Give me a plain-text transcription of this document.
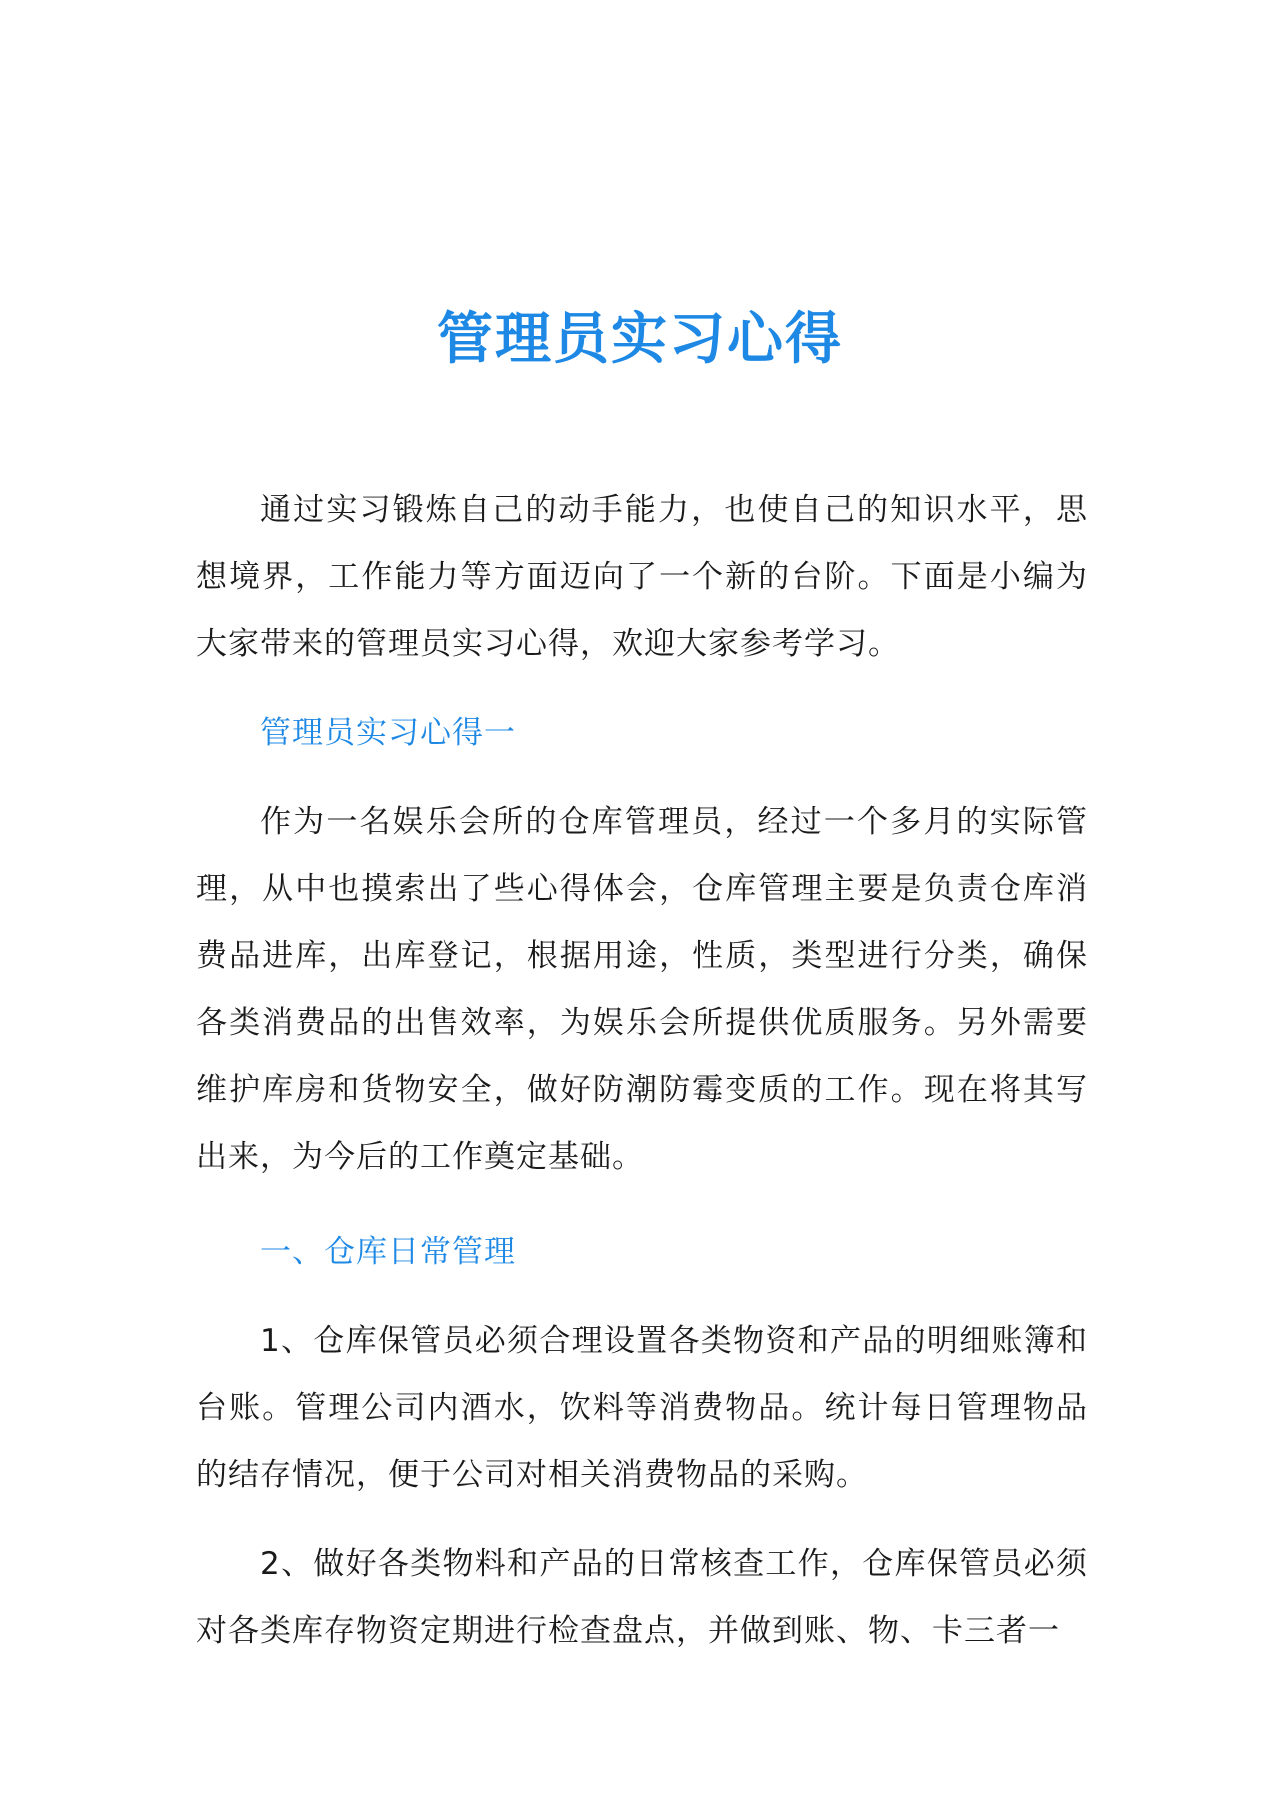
管理员实习心得

通过实习锻炼自己的动手能力，也使自己的知识水平，思想境界，工作能力等方面迈向了一个新的台阶。下面是小编为大家带来的管理员实习心得，欢迎大家参考学习。

管理员实习心得一

作为一名娱乐会所的仓库管理员，经过一个多月的实际管理，从中也摸索出了些心得体会，仓库管理主要是负责仓库消费品进库，出库登记，根据用途，性质，类型进行分类，确保各类消费品的出售效率，为娱乐会所提供优质服务。另外需要维护库房和货物安全，做好防潮防霉变质的工作。现在将其写出来，为今后的工作奠定基础。

一、仓库日常管理

1、仓库保管员必须合理设置各类物资和产品的明细账簿和台账。管理公司内酒水，饮料等消费物品。统计每日管理物品的结存情况，便于公司对相关消费物品的采购。

2、做好各类物料和产品的日常核查工作，仓库保管员必须对各类库存物资定期进行检查盘点，并做到账、物、卡三者一
